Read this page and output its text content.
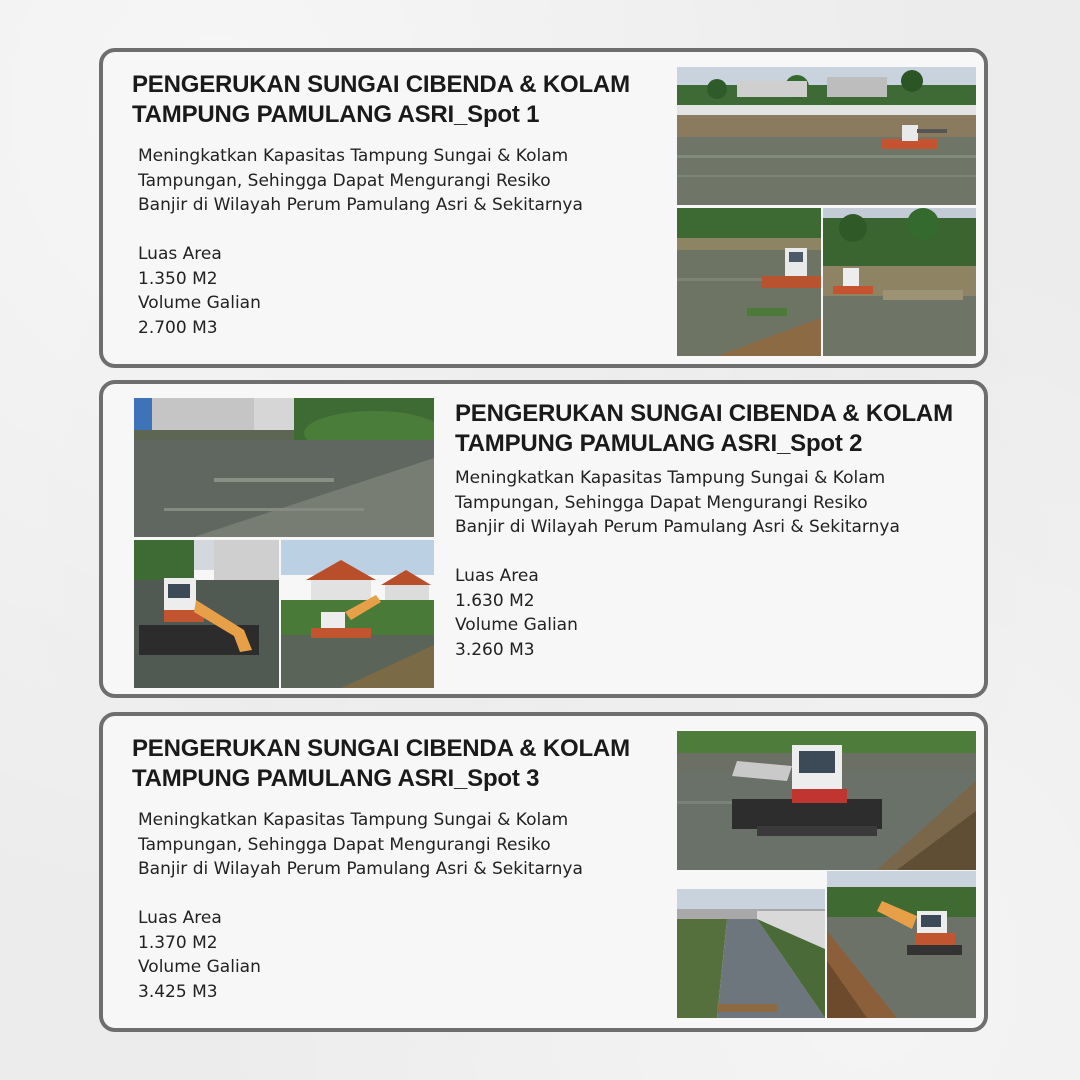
PENGERUKAN SUNGAI CIBENDA & KOLAM
TAMPUNG PAMULANG ASRI_Spot 1
Meningkatkan Kapasitas Tampung Sungai & Kolam
Tampungan, Sehingga Dapat Mengurangi Resiko
Banjir di Wilayah Perum Pamulang Asri & Sekitarnya
Luas Area
1.350 M2
Volume Galian
2.700 M3
PENGERUKAN SUNGAI CIBENDA & KOLAM
TAMPUNG PAMULANG ASRI_Spot 2
Meningkatkan Kapasitas Tampung Sungai & Kolam
Tampungan, Sehingga Dapat Mengurangi Resiko
Banjir di Wilayah Perum Pamulang Asri & Sekitarnya
Luas Area
1.630 M2
Volume Galian
3.260 M3
PENGERUKAN SUNGAI CIBENDA & KOLAM
TAMPUNG PAMULANG ASRI_Spot 3
Meningkatkan Kapasitas Tampung Sungai & Kolam
Tampungan, Sehingga Dapat Mengurangi Resiko
Banjir di Wilayah Perum Pamulang Asri & Sekitarnya
Luas Area
1.370 M2
Volume Galian
3.425 M3
